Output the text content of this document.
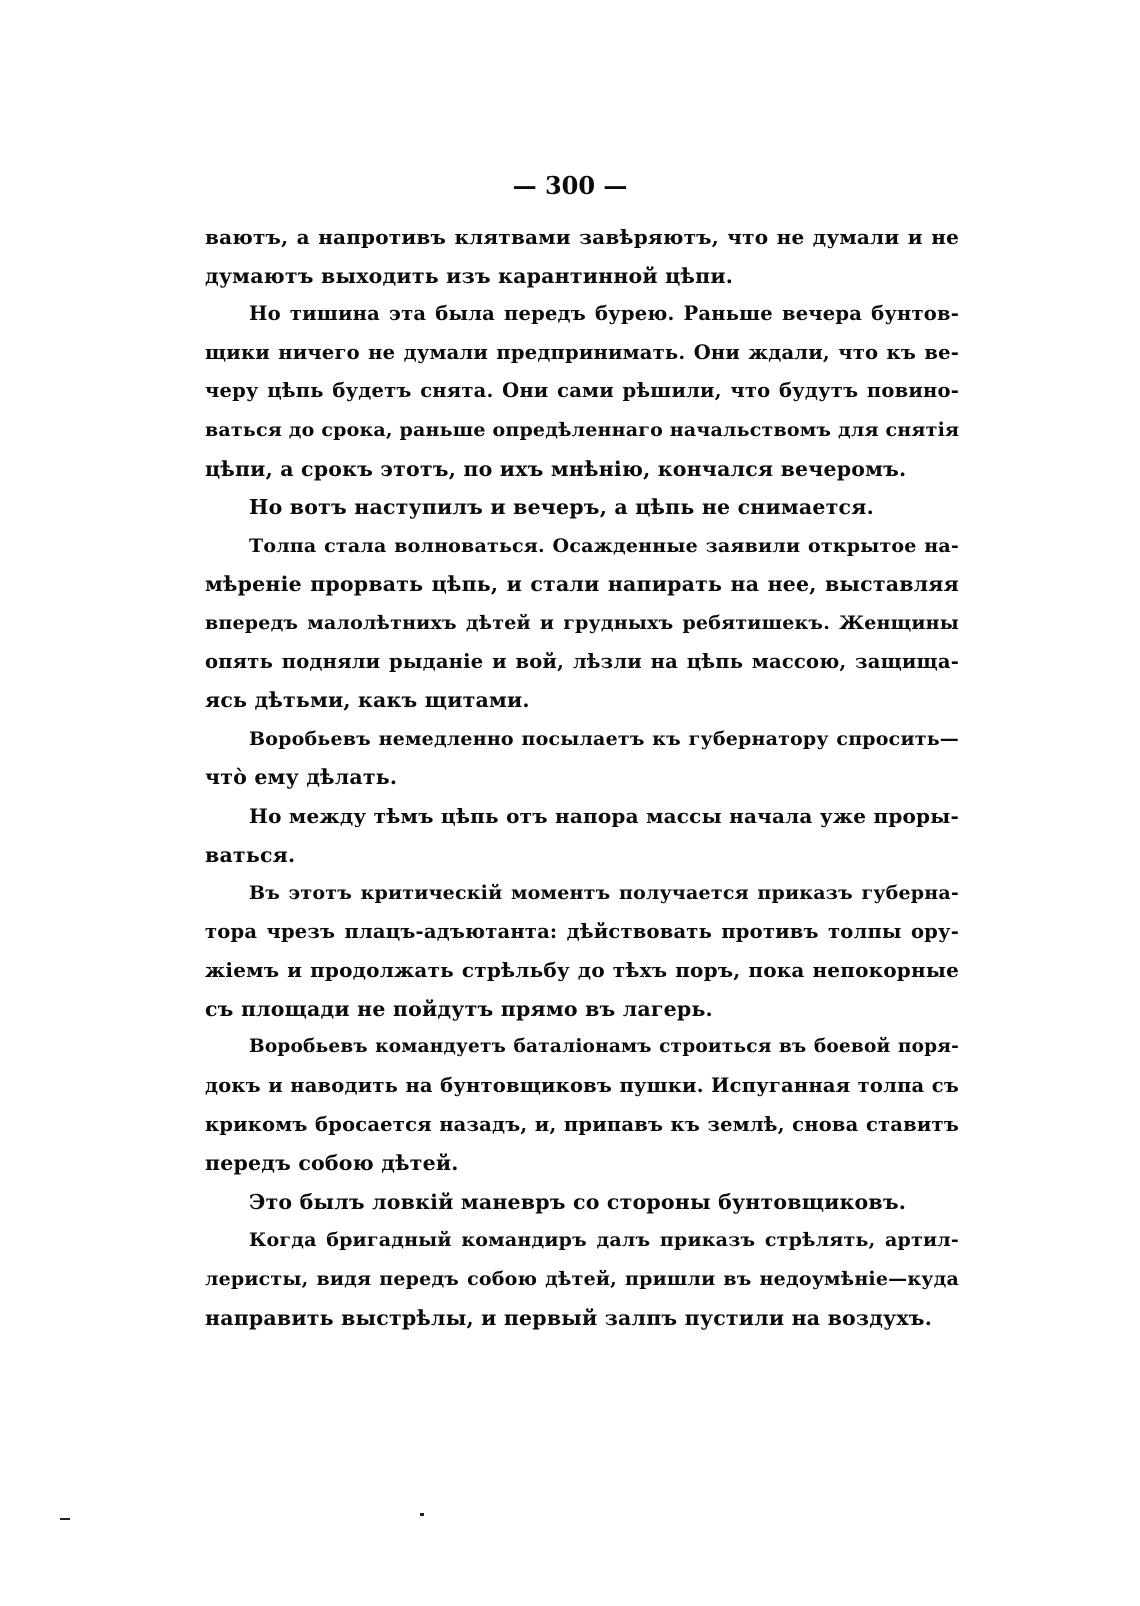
— 300 —

ваютъ, а напротивъ клятвами завѣряютъ, что не думали и не
думаютъ выходить изъ карантинной цѣпи.
Но тишина эта была передъ бурею. Раньше вечера бунтов-
щики ничего не думали предпринимать. Они ждали, что къ ве-
черу цѣпь будетъ снята. Они сами рѣшили, что будутъ повино-
ваться до срока, раньше опредѣленнаго начальствомъ для снятія
цѣпи, а срокъ этотъ, по ихъ мнѣнію, кончался вечеромъ.
Но вотъ наступилъ и вечеръ, а цѣпь не снимается.
Толпа стала волноваться. Осажденные заявили открытое на-
мѣреніе прорвать цѣпь, и стали напирать на нее, выставляя
впередъ малолѣтнихъ дѣтей и грудныхъ ребятишекъ. Женщины
опять подняли рыданіе и вой, лѣзли на цѣпь массою, защища-
ясь дѣтьми, какъ щитами.
Воробьевъ немедленно посылаетъ къ губернатору спросить—
что̀ ему дѣлать.
Но между тѣмъ цѣпь отъ напора массы начала уже проры-
ваться.
Въ этотъ критическій моментъ получается приказъ губерна-
тора чрезъ плацъ-адъютанта: дѣйствовать противъ толпы ору-
жіемъ и продолжать стрѣльбу до тѣхъ поръ, пока непокорные
съ площади не пойдутъ прямо въ лагерь.
Воробьевъ командуетъ баталіонамъ строиться въ боевой поря-
докъ и наводить на бунтовщиковъ пушки. Испуганная толпа съ
крикомъ бросается назадъ, и, припавъ къ землѣ, снова ставитъ
передъ собою дѣтей.
Это былъ ловкій маневръ со стороны бунтовщиковъ.
Когда бригадный командиръ далъ приказъ стрѣлять, артил-
леристы, видя передъ собою дѣтей, пришли въ недоумѣніе—куда
направить выстрѣлы, и первый залпъ пустили на воздухъ.
